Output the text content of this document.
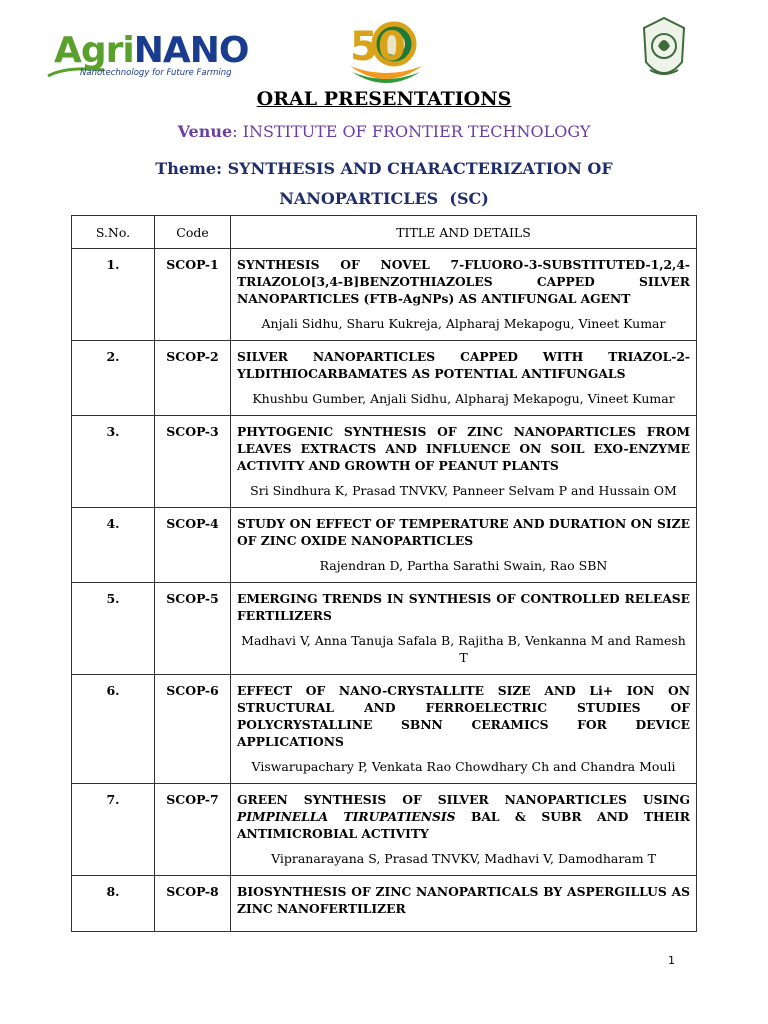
AgriNANO
Nanotechnology for Future Farming
50
ORAL PRESENTATIONS
Venue: INSTITUTE OF FRONTIER TECHNOLOGY
Theme: SYNTHESIS AND CHARACTERIZATION OF
NANOPARTICLES  (SC)
S.No.	Code	TITLE AND DETAILS
1.	SCOP-1	SYNTHESIS OF NOVEL 7-FLUORO-3-SUBSTITUTED-1,2,4-TRIAZOLO[3,4-B]BENZOTHIAZOLES CAPPED SILVER NANOPARTICLES (FTB-AgNPs) AS ANTIFUNGAL AGENT
Anjali Sidhu, Sharu Kukreja, Alpharaj Mekapogu, Vineet Kumar

2.	SCOP-2	SILVER NANOPARTICLES CAPPED WITH TRIAZOL-2-YLDITHIOCARBAMATES AS POTENTIAL ANTIFUNGALS
Khushbu Gumber, Anjali Sidhu, Alpharaj Mekapogu, Vineet Kumar

3.	SCOP-3	PHYTOGENIC SYNTHESIS OF ZINC NANOPARTICLES FROM LEAVES EXTRACTS AND INFLUENCE ON SOIL EXO-ENZYME ACTIVITY AND GROWTH OF PEANUT PLANTS
Sri Sindhura K, Prasad TNVKV, Panneer Selvam P and Hussain OM

4.	SCOP-4	STUDY ON EFFECT OF TEMPERATURE AND DURATION ON SIZE OF ZINC OXIDE NANOPARTICLES
Rajendran D, Partha Sarathi Swain, Rao SBN

5.	SCOP-5	EMERGING TRENDS IN SYNTHESIS OF CONTROLLED RELEASE FERTILIZERS
Madhavi V, Anna Tanuja Safala B, Rajitha B, Venkanna M and Ramesh T

6.	SCOP-6	EFFECT OF NANO-CRYSTALLITE SIZE AND Li+ ION ON STRUCTURAL AND FERROELECTRIC STUDIES OF POLYCRYSTALLINE SBNN CERAMICS FOR DEVICE APPLICATIONS
Viswarupachary P, Venkata Rao Chowdhary Ch and Chandra Mouli

7.	SCOP-7	GREEN SYNTHESIS OF SILVER NANOPARTICLES USING PIMPINELLA TIRUPATIENSIS BAL & SUBR AND THEIR ANTIMICROBIAL ACTIVITY
Vipranarayana S, Prasad TNVKV, Madhavi V, Damodharam T

8.	SCOP-8	BIOSYNTHESIS OF ZINC NANOPARTICALS BY ASPERGILLUS AS ZINC NANOFERTILIZER
1
